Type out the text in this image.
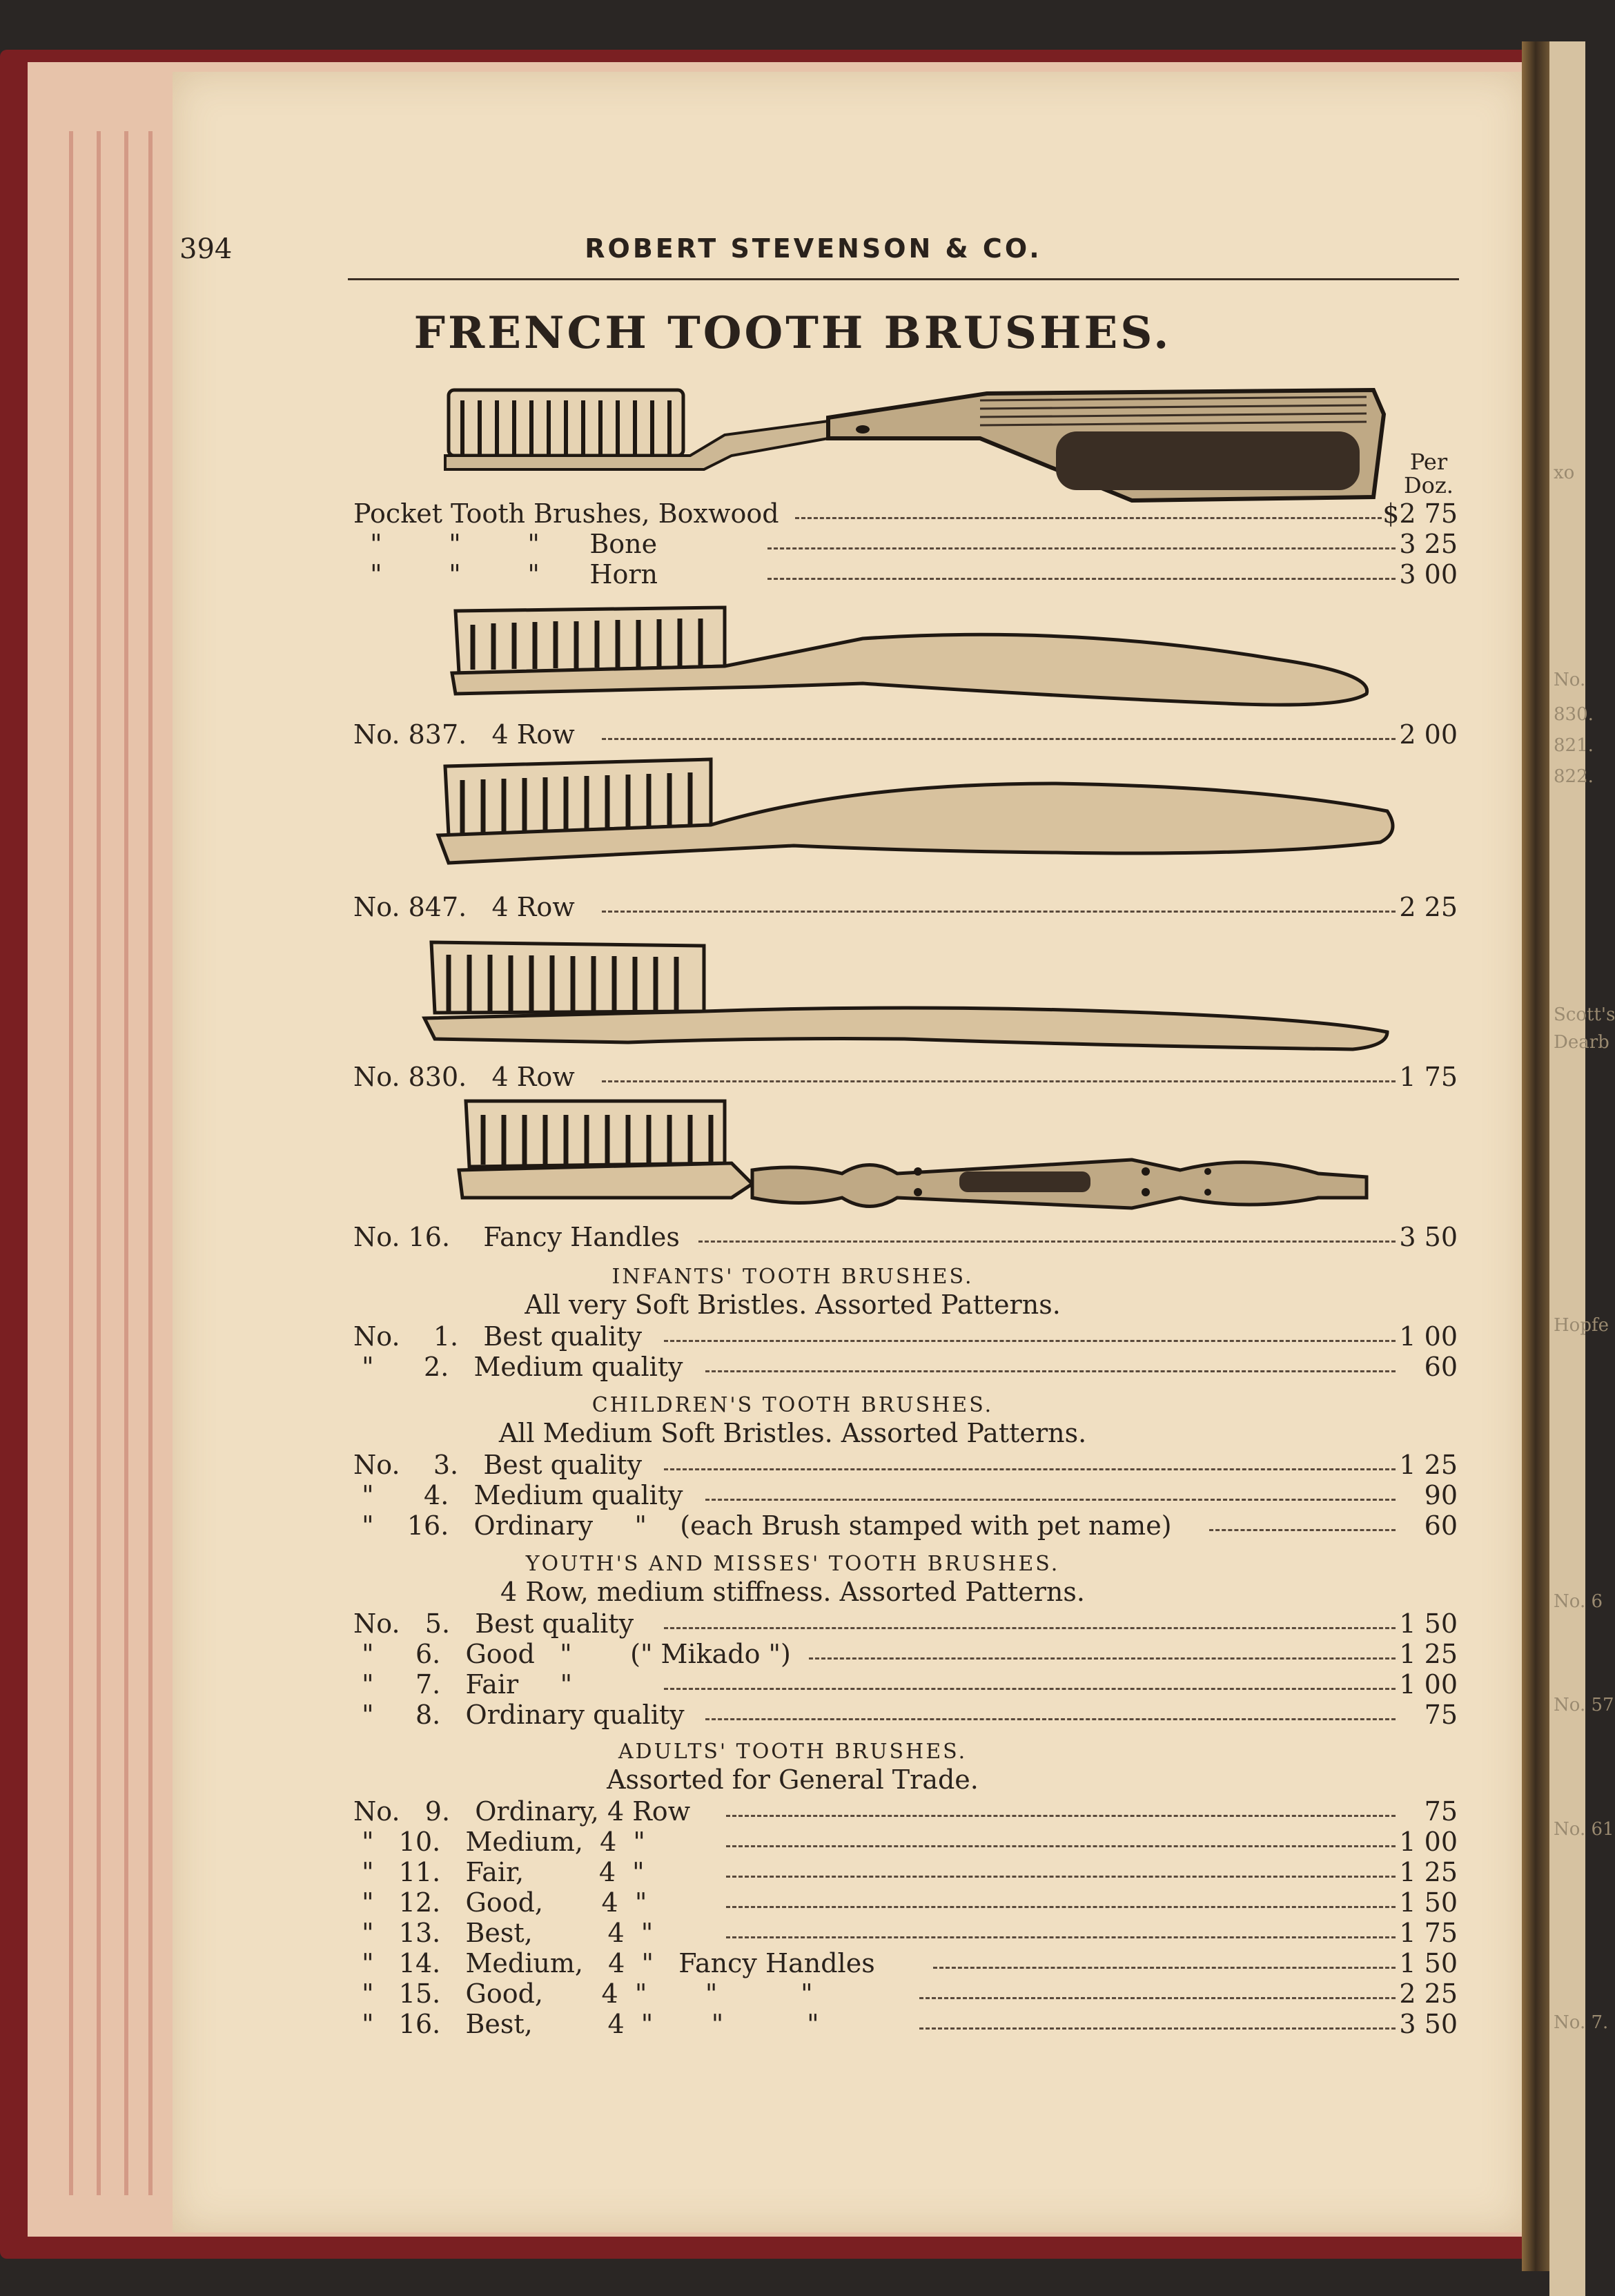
xo
No.
830.
821.
822.
Scott's
Dearb
Hopfe
No. 6
No. 57
No. 61
No. 7.
394	ROBERT STEVENSON & CO.
FRENCH TOOTH BRUSHES.
Per
Doz.
Pocket Tooth Brushes, Boxwood	$2 75
"        "        "      Bone	3 25
"        "        "      Horn	3 00
No. 837.   4 Row	2 00
No. 847.   4 Row	2 25
No. 830.   4 Row	1 75
No. 16.    Fancy Handles	3 50
INFANTS' TOOTH BRUSHES.
All very Soft Bristles. Assorted Patterns.
No.    1.   Best quality	1 00
"      2.   Medium quality	60
CHILDREN'S TOOTH BRUSHES.
All Medium Soft Bristles. Assorted Patterns.
No.    3.   Best quality	1 25
"      4.   Medium quality	90
"    16.   Ordinary     "    (each Brush stamped with pet name)	60
YOUTH'S AND MISSES' TOOTH BRUSHES.
4 Row, medium stiffness. Assorted Patterns.
No.   5.   Best quality	1 50
"     6.   Good   "       (" Mikado ")	1 25
"     7.   Fair     "	1 00
"     8.   Ordinary quality	75
ADULTS' TOOTH BRUSHES.
Assorted for General Trade.
No.   9.   Ordinary, 4 Row	75
"   10.   Medium,  4  "	1 00
"   11.   Fair,         4  "	1 25
"   12.   Good,       4  "	1 50
"   13.   Best,         4  "	1 75
"   14.   Medium,   4  "   Fancy Handles	1 50
"   15.   Good,       4  "       "          "	2 25
"   16.   Best,         4  "       "          "	3 50
